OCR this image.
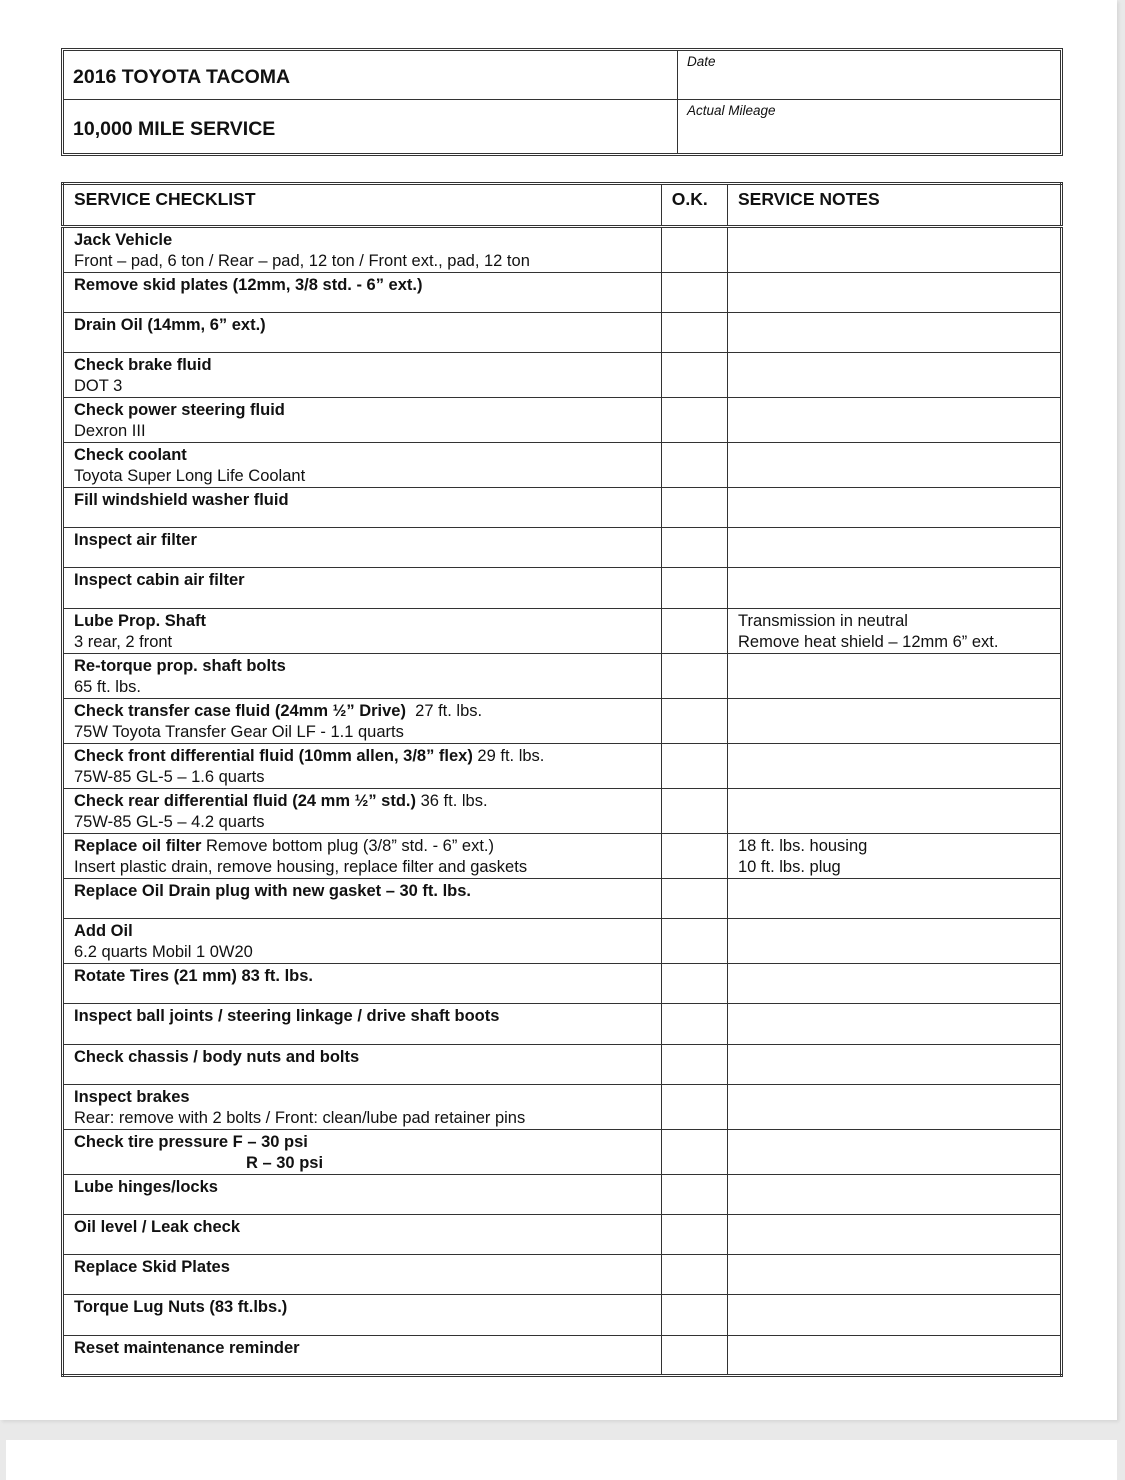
2016 TOYOTA TACOMA
10,000 MILE SERVICE
Date
Actual Mileage
SERVICE CHECKLIST	O.K.	SERVICE NOTES

Jack Vehicle
Front – pad, 6 ton / Rear – pad, 12 ton / Front ext., pad, 12 ton		

Remove skid plates (12mm, 3/8 std. - 6” ext.)		

Drain Oil (14mm, 6” ext.)		

Check brake fluid
DOT 3		

Check power steering fluid
Dexron III		

Check coolant
Toyota Super Long Life Coolant		

Fill windshield washer fluid		

Inspect air filter		

Inspect cabin air filter		

Lube Prop. Shaft
3 rear, 2 front		Transmission in neutral
Remove heat shield – 12mm 6” ext.

Re-torque prop. shaft bolts
65 ft. lbs.		

Check transfer case fluid (24mm ½” Drive)  27 ft. lbs.
75W Toyota Transfer Gear Oil LF - 1.1 quarts		

Check front differential fluid (10mm allen, 3/8” flex) 29 ft. lbs.
75W-85 GL-5 – 1.6 quarts		

Check rear differential fluid (24 mm ½” std.) 36 ft. lbs.
75W-85 GL-5 – 4.2 quarts		

Replace oil filter Remove bottom plug (3/8” std. - 6” ext.)
Insert plastic drain, remove housing, replace filter and gaskets		18 ft. lbs. housing
10 ft. lbs. plug

Replace Oil Drain plug with new gasket – 30 ft. lbs.		

Add Oil
6.2 quarts Mobil 1 0W20		

Rotate Tires (21 mm) 83 ft. lbs.		

Inspect ball joints / steering linkage / drive shaft boots		

Check chassis / body nuts and bolts		

Inspect brakes
Rear: remove with 2 bolts / Front: clean/lube pad retainer pins		

Check tire pressure F – 30 psi
R – 30 psi		

Lube hinges/locks		

Oil level / Leak check		

Replace Skid Plates		

Torque Lug Nuts (83 ft.lbs.)		

Reset maintenance reminder		
